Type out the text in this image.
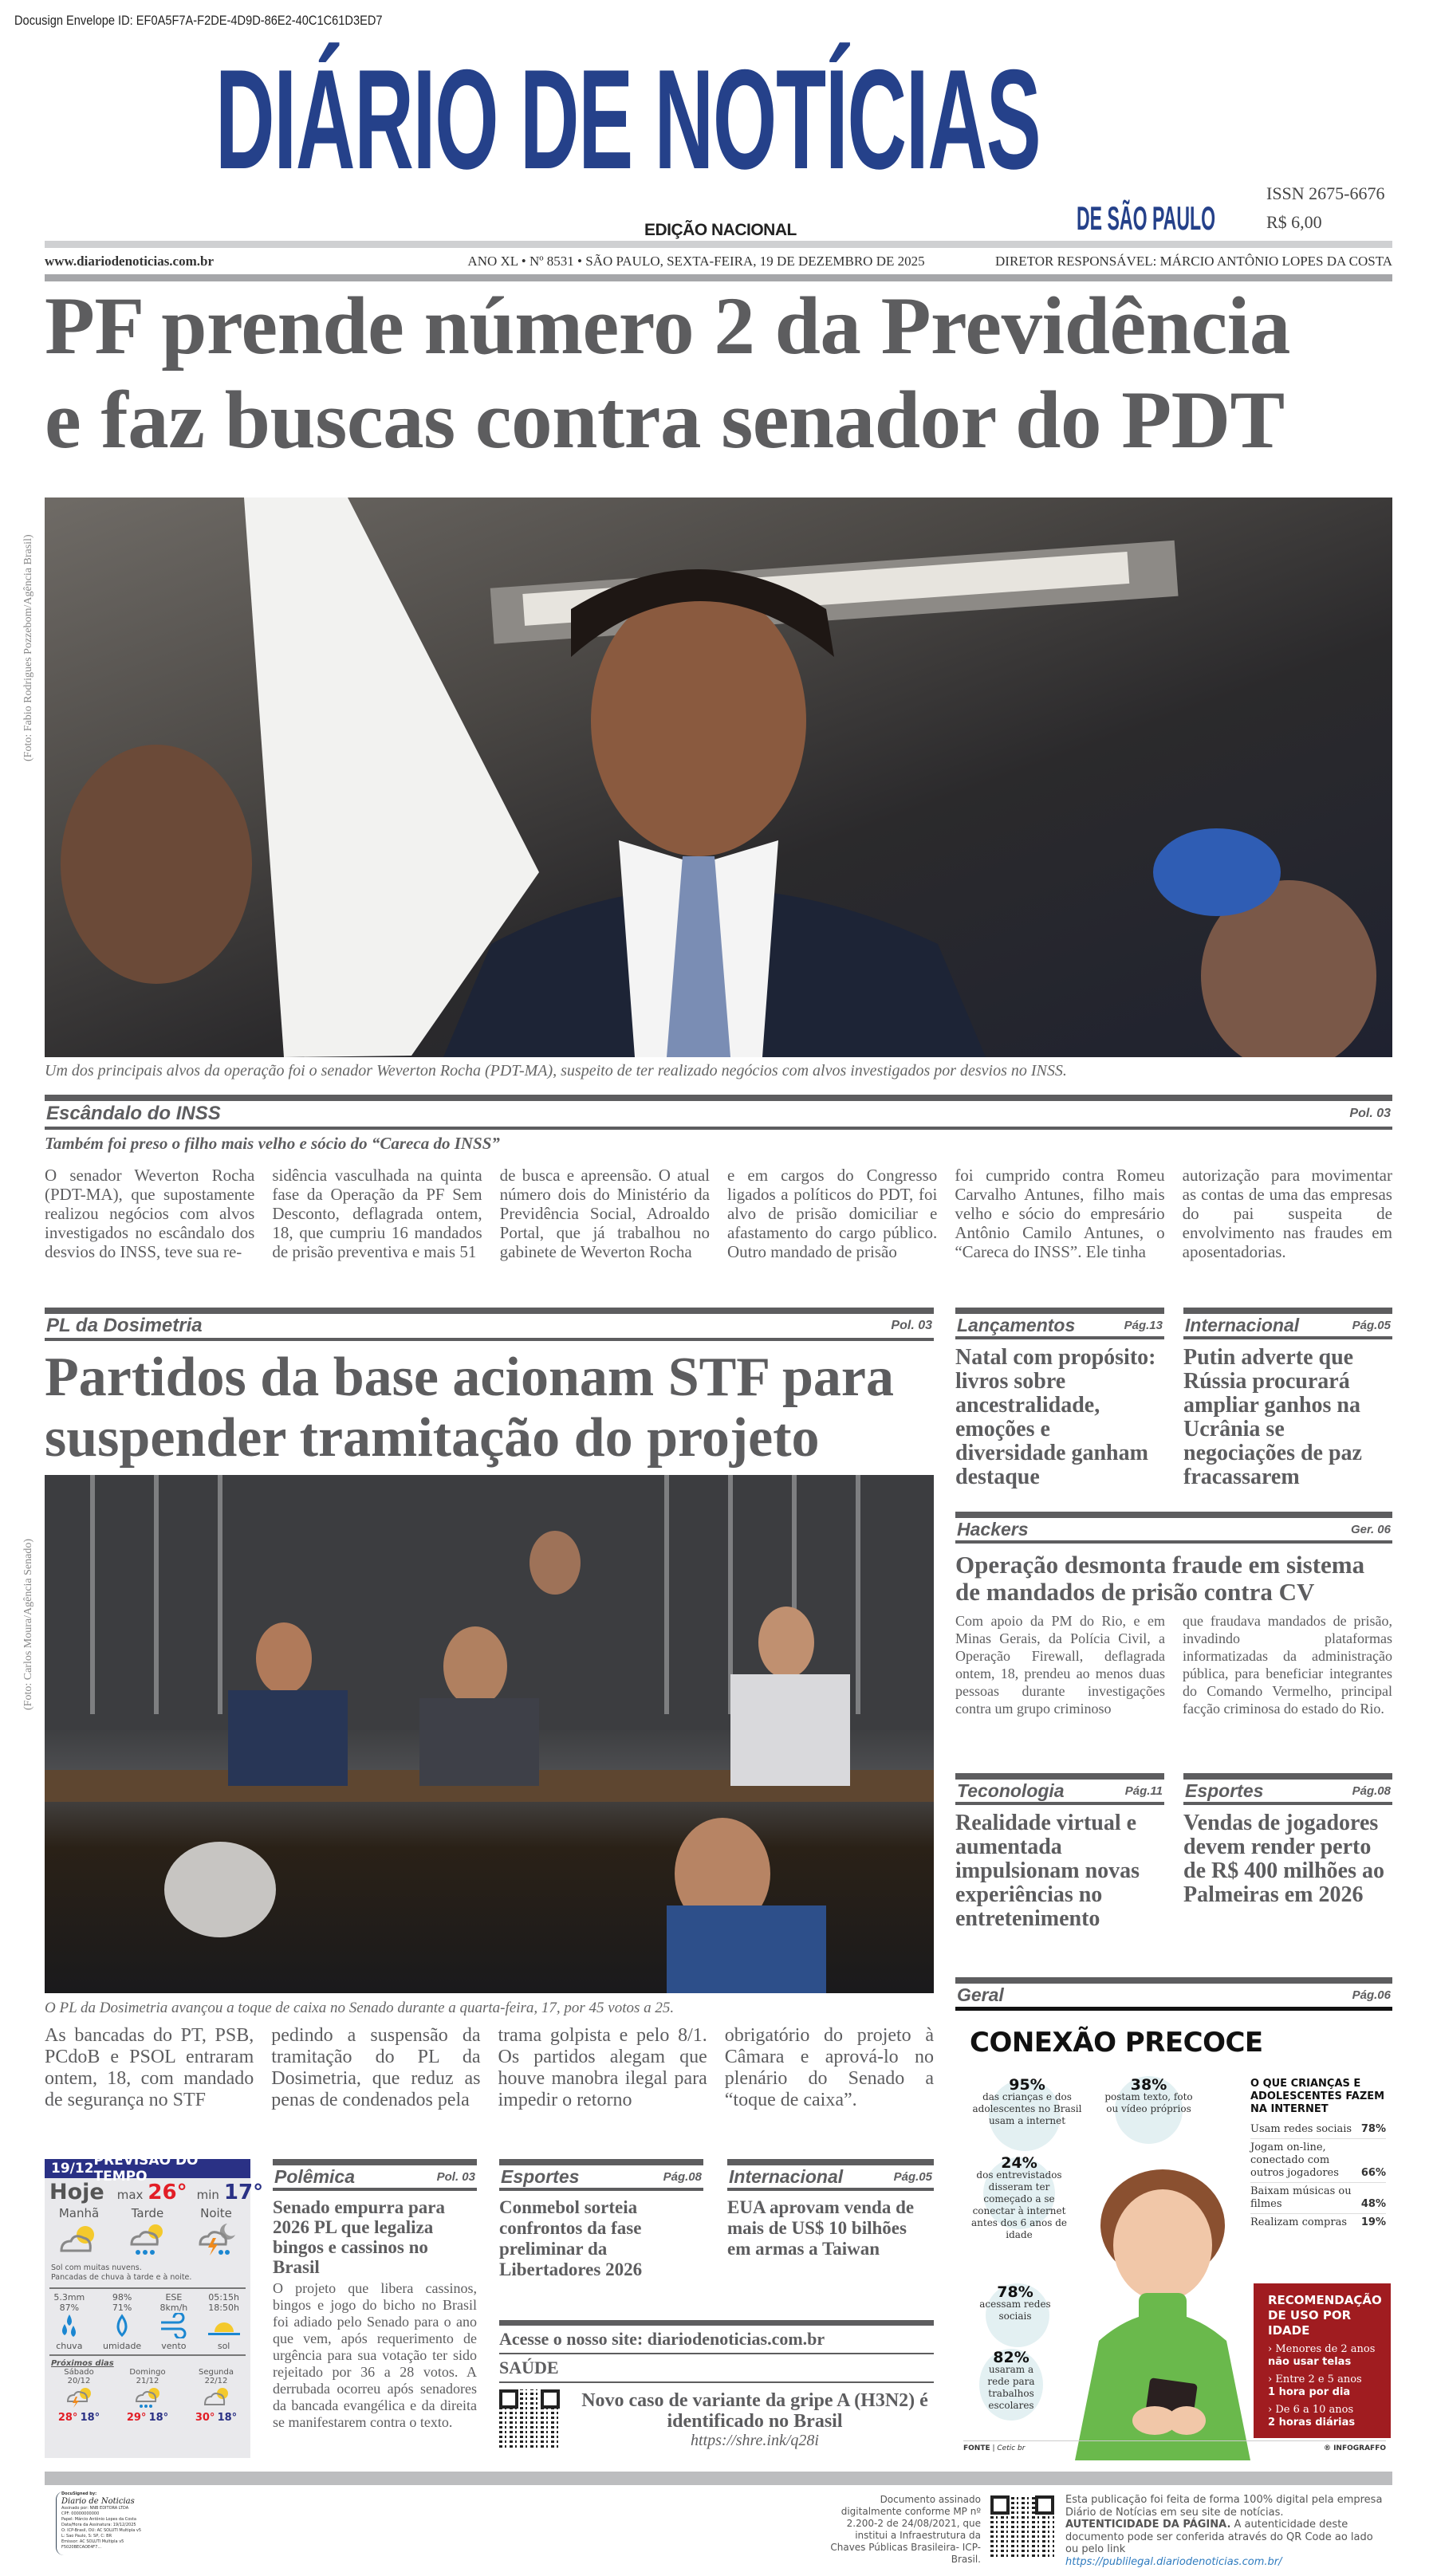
Docusign Envelope ID: EF0A5F7A-F2DE-4D9D-86E2-40C1C61D3ED7
DIÁRIO DE NOTÍCIAS
DE SÃO PAULO
EDIÇÃO NACIONAL
ISSN 2675-6676
R$ 6,00
www.diariodenoticias.com.br	ANO XL • Nº 8531 • SÃO PAULO, SEXTA-FEIRA, 19 DE DEZEMBRO DE 2025	DIRETOR RESPONSÁVEL: MÁRCIO ANTÔNIO LOPES DA COSTA
PF prende número 2 da Previdência
e faz buscas contra senador do PDT
(Foto: Fabio Rodrigues Pozzebom/Agência Brasil)
Um dos principais alvos da operação foi o senador Weverton Rocha (PDT-MA), suspeito de ter realizado negócios com alvos investigados por desvios no INSS.
Escândalo do INSS	Pol. 03
Também foi preso o filho mais velho e sócio do “Careca do INSS”

O senador Weverton Rocha (PDT-MA), que supostamente realizou negócios com alvos investigados no escândalo dos desvios do INSS, teve sua re-

sidência vasculhada na quinta fase da Operação da PF Sem Desconto, deflagrada ontem, 18, que cumpriu 16 mandados de prisão preventiva e mais 51

de busca e apreensão. O atual número dois do Ministério da Previdência Social, Adroaldo Portal, que já trabalhou no gabinete de Weverton Rocha

e em cargos do Congresso ligados a políticos do PDT, foi alvo de prisão domiciliar e afastamento do cargo público. Outro mandado de prisão

foi cumprido contra Romeu Carvalho Antunes, filho mais velho e sócio do empresário Antônio Camilo Antunes, o “Careca do INSS”. Ele tinha

autorização para movimentar as contas de uma das empresas do pai suspeita de envolvimento nas fraudes em aposentadorias.

PL da Dosimetria	Pol. 03
Partidos da base acionam STF para
suspender tramitação do projeto
(Foto: Carlos Moura/Agência Senado)
O PL da Dosimetria avançou a toque de caixa no Senado durante a quarta-feira, 17, por 45 votos a 25.

As bancadas do PT, PSB, PCdoB e PSOL entraram ontem, 18, com mandado de segurança no STF

pedindo a suspensão da tramitação do PL da Dosimetria, que reduz as penas de condenados pela

trama golpista e pelo 8/1. Os partidos alegam que houve manobra ilegal para impedir o retorno

obrigatório do projeto à Câmara e aprová-lo no plenário do Senado a “toque de caixa”.

Lançamentos	Pág.13
Natal com propósito: livros sobre ancestralidade, emoções e diversidade ganham destaque
Internacional	Pág.05
Putin adverte que Rússia procurará ampliar ganhos na Ucrânia se negociações de paz fracassarem
Hackers	Ger. 06
Operação desmonta fraude em sistema de mandados de prisão contra CV

Com apoio da PM do Rio, e em Minas Gerais, da Polícia Civil, a Operação Firewall, deflagrada ontem, 18, prendeu ao menos duas pessoas durante investigações contra um grupo criminoso

que fraudava mandados de prisão, invadindo plataformas informatizadas da administração pública, para beneficiar integrantes do Comando Vermelho, principal facção criminosa do estado do Rio.

Teconologia	Pág.11
Realidade virtual e aumentada impulsionam novas experiências no entretenimento
Esportes	Pág.08
Vendas de jogadores devem render perto de R$ 400 milhões ao Palmeiras em 2026
Geral	Pág.06
CONEXÃO PRECOCE
95%
das crianças e dos adolescentes no Brasil usam a internet
38%
postam texto, foto ou vídeo próprios
24%
dos entrevistados disseram ter começado a se conectar à internet antes dos 6 anos de idade
78%
acessam redes sociais
82%
usaram a rede para trabalhos escolares
O QUE CRIANÇAS E ADOLESCENTES FAZEM NA INTERNET
Usam redes sociais 78%
Jogam on-line, conectado com outros jogadores	66%
Baixam músicas ou filmes	48%
Realizam compras 19%
RECOMENDAÇÃO DE USO POR IDADE
› Menores de 2 anos
não usar telas
› Entre 2 e 5 anos
1 hora por dia
› De 6 a 10 anos
2 horas diárias
FONTE | Cetic br	® INFOGRAFFO
19/12 PREVISÃO DO TEMPO
Hoje max 26° min 17°
Manhã	Tarde	Noite
Sol com muitas nuvens.
Pancadas de chuva à tarde e à noite.
5.3mm
87%
chuva
98%
71%
umidade
ESE
8km/h
vento
05:15h
18:50h
sol
Próximos dias
Sábado
20/12
28° 18°
Domingo
21/12
29° 18°
Segunda
22/12
30° 18°
Polêmica	Pol. 03
Senado empurra para 2026 PL que legaliza bingos e cassinos no Brasil

O projeto que libera cassinos, bingos e jogo do bicho no Brasil foi adiado pelo Senado para o ano que vem, após requerimento de urgência para sua votação ter sido rejeitado por 36 a 28 votos. A derrubada ocorreu após senadores da bancada evangélica e da direita se manifestarem contra o texto.

Esportes	Pág.08
Conmebol sorteia confrontos da fase preliminar da Libertadores 2026
Internacional	Pág.05
EUA aprovam venda de mais de US$ 10 bilhões em armas a Taiwan
Acesse o nosso site: diariodenoticias.com.br
SAÚDE
Novo caso de variante da gripe A (H3N2) é identificado no Brasil
https://shre.ink/q28i
DocuSigned by:
Diario de Noticias
Assinado por: NNB EDITORA LTDA
CPF: 00000000000
Papel: Márcio Antônio Lopes da Costa
Data/Hora da Assinatura: 19/12/2025
O: ICP-Brasil, OU: AC SOLUTI Multipla v5
L: Sao Paulo, S: SP, C: BR
Emissor: AC SOLUTI Multipla v5
F5020BECAOE4F7...
Documento assinado digitalmente conforme MP nº 2.200-2 de 24/08/2021, que institui a Infraestrutura da Chaves Públicas Brasileira- ICP-Brasil.
Esta publicação foi feita de forma 100% digital pela empresa
Diário de Notícias em seu site de notícias.
AUTENTICIDADE DA PÁGINA. A autenticidade deste documento pode ser conferida através do QR Code ao lado ou pelo link
https://publilegal.diariodenoticias.com.br/
